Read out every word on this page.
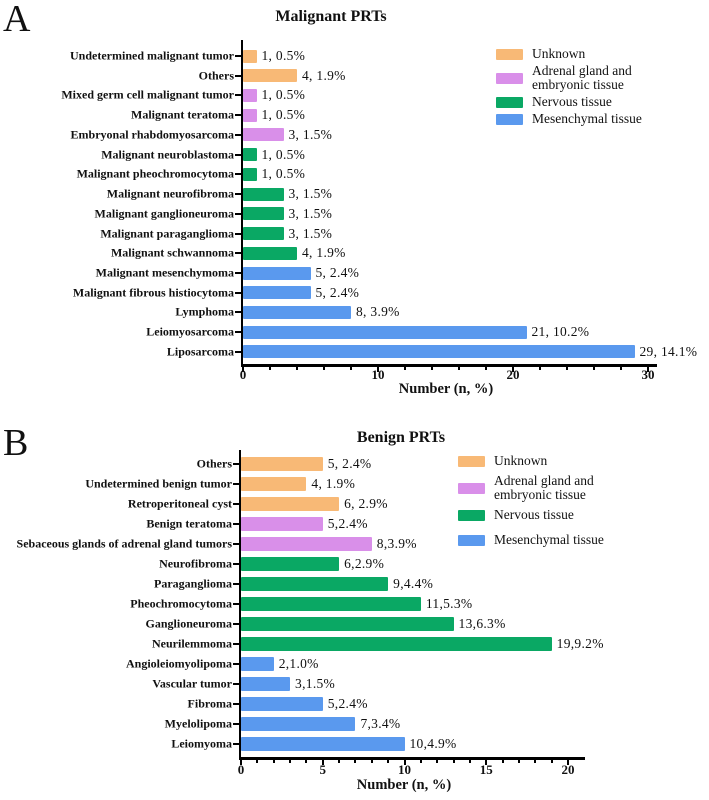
A	Malignant PRTs
0	10	20	30
Undetermined malignant tumor 1, 0.5%
Others	4, 1.9%
Mixed germ cell malignant tumor 1, 0.5%
Malignant teratoma 1, 0.5%
Embryonal rhabdomyosarcoma	3, 1.5%
Malignant neuroblastoma 1, 0.5%
Malignant pheochromocytoma 1, 0.5%
Malignant neurofibroma	3, 1.5%
Malignant ganglioneuroma	3, 1.5%
Malignant paraganglioma	3, 1.5%
Malignant schwannoma	4, 1.9%
Malignant mesenchymoma	5, 2.4%
Malignant fibrous histiocytoma	5, 2.4%
Lymphoma	8, 3.9%
Leiomyosarcoma	21, 10.2%
Liposarcoma	29, 14.1%
Number (n, %)
Unknown
Adrenal gland and embryonic tissue
Nervous tissue
Mesenchymal tissue
B	Benign PRTs
0	5	10	15	20
Others	5, 2.4%
Undetermined benign tumor	4, 1.9%
Retroperitoneal cyst	6, 2.9%
Benign teratoma	5,2.4%
Sebaceous glands of adrenal gland tumors	8,3.9%
Neurofibroma	6,2.9%
Paraganglioma	9,4.4%
Pheochromocytoma	11,5.3%
Ganglioneuroma	13,6.3%
Neurilemmoma	19,9.2%
Angioleiomyolipoma	2,1.0%
Vascular tumor	3,1.5%
Fibroma	5,2.4%
Myelolipoma	7,3.4%
Leiomyoma	10,4.9%
Number (n, %)
Unknown
Adrenal gland and embryonic tissue
Nervous tissue
Mesenchymal tissue
